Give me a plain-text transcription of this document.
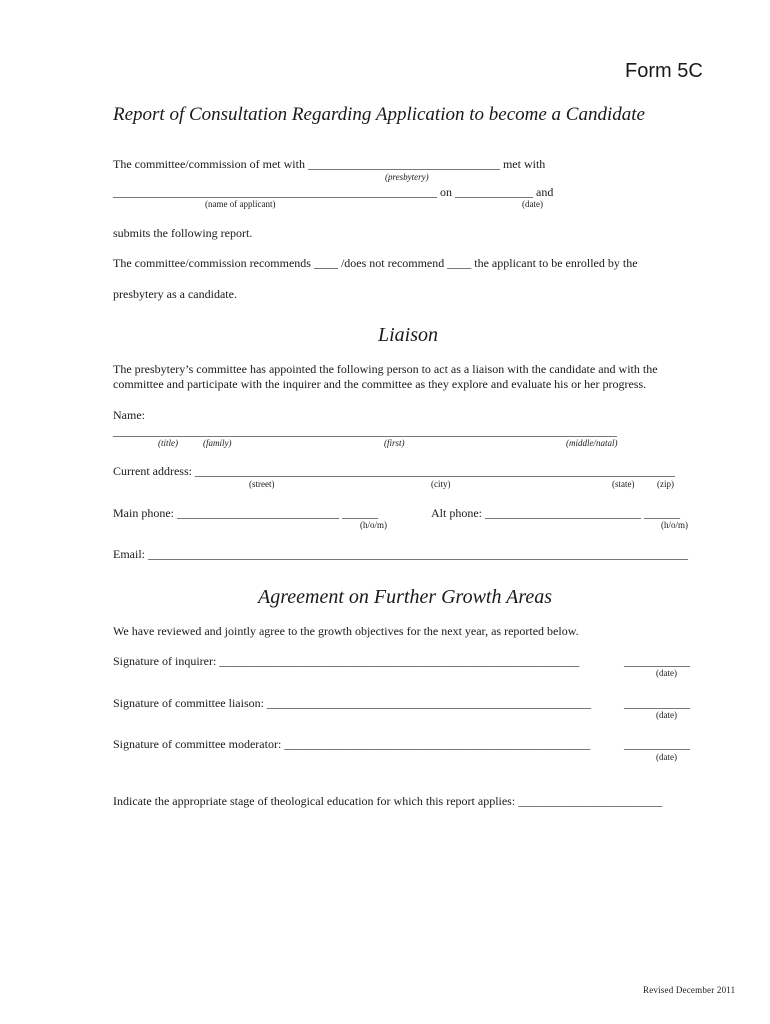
Form 5C
Report of Consultation Regarding Application to become a Candidate
The committee/commission of met with ________________________________ met with
(presbytery)
______________________________________________________ on _____________ and
(name of applicant)	(date)
submits the following report.
The committee/commission recommends ____ /does not recommend ____ the applicant to be enrolled by the
presbytery as a candidate.
Liaison
The presbytery’s committee has appointed the following person to act as a liaison with the candidate and with the committee and participate with the inquirer and the committee as they explore and evaluate his or her progress.
Name:
____________________________________________________________________________________
(title)	(family)	(first)	(middle/natal)
Current address: ________________________________________________________________________________
(street)	(city)	(state)	(zip)
Main phone: ___________________________ ______
(h/o/m)
Alt phone: __________________________ ______
(h/o/m)
Email: __________________________________________________________________________________________
Agreement on Further Growth Areas
We have reviewed and jointly agree to the growth objectives for the next year, as reported below.
Signature of inquirer: ____________________________________________________________	___________
(date)
Signature of committee liaison: ______________________________________________________	___________
(date)
Signature of committee moderator: ___________________________________________________	___________
(date)
Indicate the appropriate stage of theological education for which this report applies: ________________________
Revised December 2011
